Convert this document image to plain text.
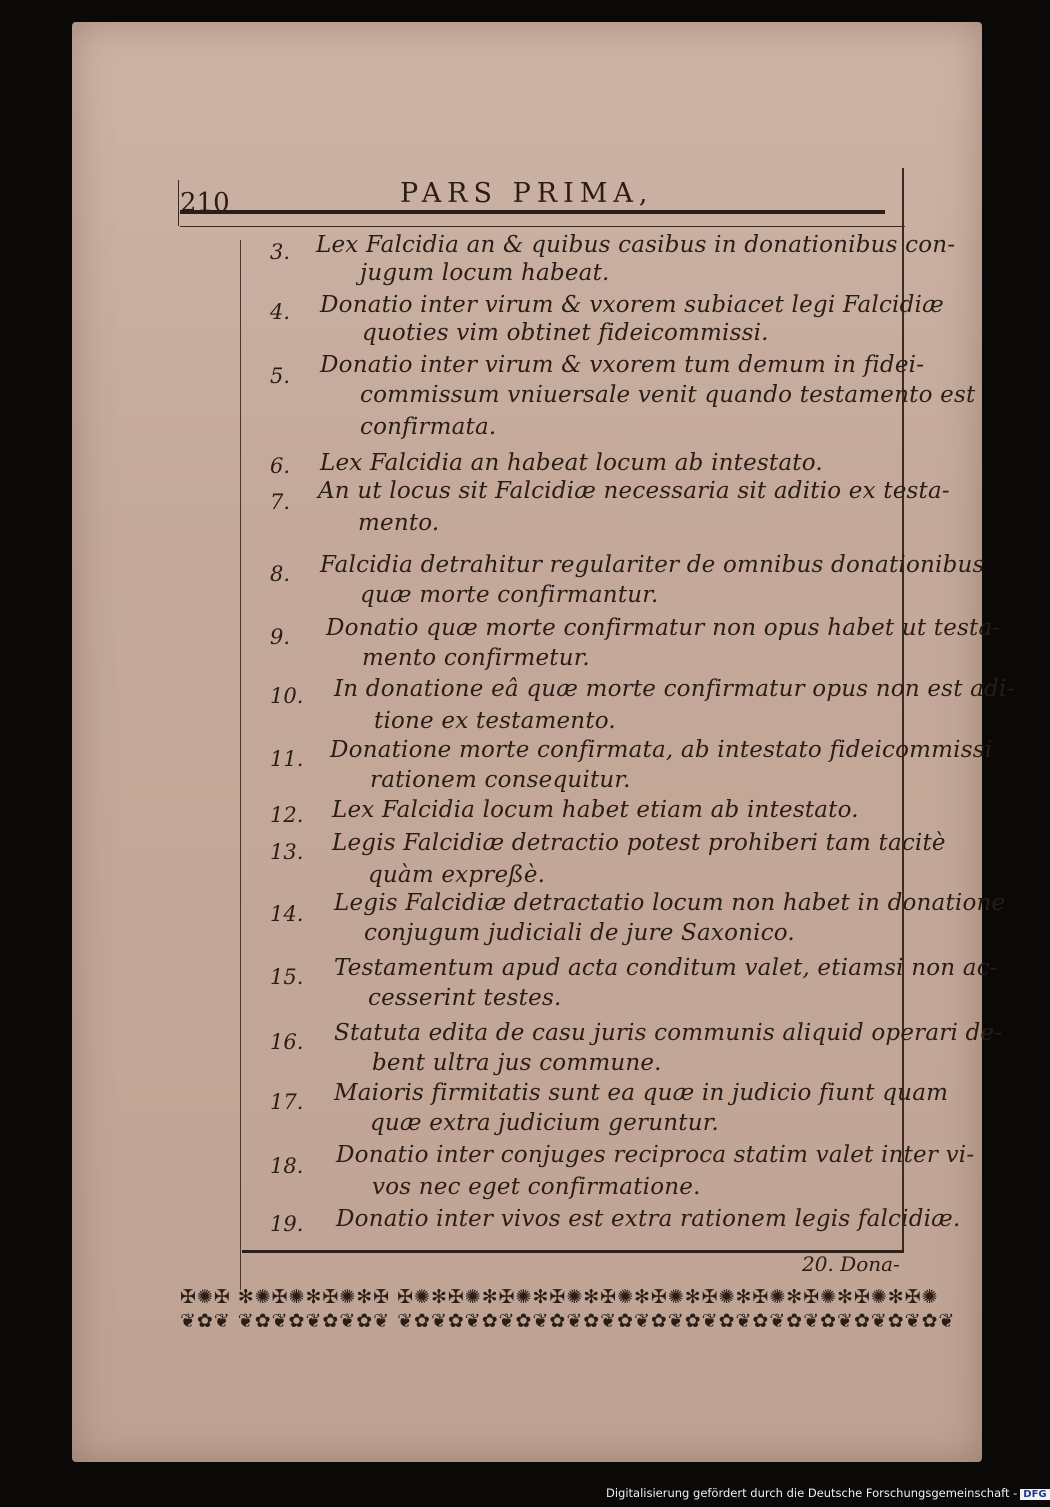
210	PARS PRIMA,
3.	Lex Falcidia an & quibus casibus in donationibus con-
jugum locum habeat.
4.	Donatio inter virum & vxorem subiacet legi Falcidiæ
quoties vim obtinet fideicommissi.
5.	Donatio inter virum & vxorem tum demum in fidei-
commissum vniuersale venit quando testamento est
confirmata.
6.	Lex Falcidia an habeat locum ab intestato.
7.	An ut locus sit Falcidiæ necessaria sit aditio ex testa-
mento.
8.	Falcidia detrahitur regulariter de omnibus donationibus
quæ morte confirmantur.
9.	Donatio quæ morte confirmatur non opus habet ut testa-
mento confirmetur.
10.	In donatione eâ quæ morte confirmatur opus non est adi-
tione ex testamento.
11.	Donatione morte confirmata, ab intestato fideicommissi
rationem consequitur.
12.	Lex Falcidia locum habet etiam ab intestato.
13.	Legis Falcidiæ detractio potest prohiberi tam tacitè
quàm expreßè.
14.	Legis Falcidiæ detractatio locum non habet in donatione
conjugum judiciali de jure Saxonico.
15.	Testamentum apud acta conditum valet, etiamsi non ac-
cesserint testes.
16.	Statuta edita de casu juris communis aliquid operari de-
bent ultra jus commune.
17.	Maioris firmitatis sunt ea quæ in judicio fiunt quam
quæ extra judicium geruntur.
18.	Donatio inter conjuges reciproca statim valet inter vi-
vos nec eget confirmatione.
19.	Donatio inter vivos est extra rationem legis falcidiæ.
20. Dona-
✠✺✠ ✻✺✠✺✻✠✺✻✠ ✠✺✻✠✺✻✠✺✻✠✺✻✠✺✻✠✺✻✠✺✻✠✺✻✠✺✻✠✺✻✠✺
❦✿❦ ❦✿❦✿❦✿❦✿❦ ❦✿❦✿❦✿❦✿❦✿❦✿❦✿❦✿❦✿❦✿❦✿❦✿❦✿❦✿❦✿❦✿❦
Digitalisierung gefördert durch die Deutsche Forschungsgemeinschaft - DFG
